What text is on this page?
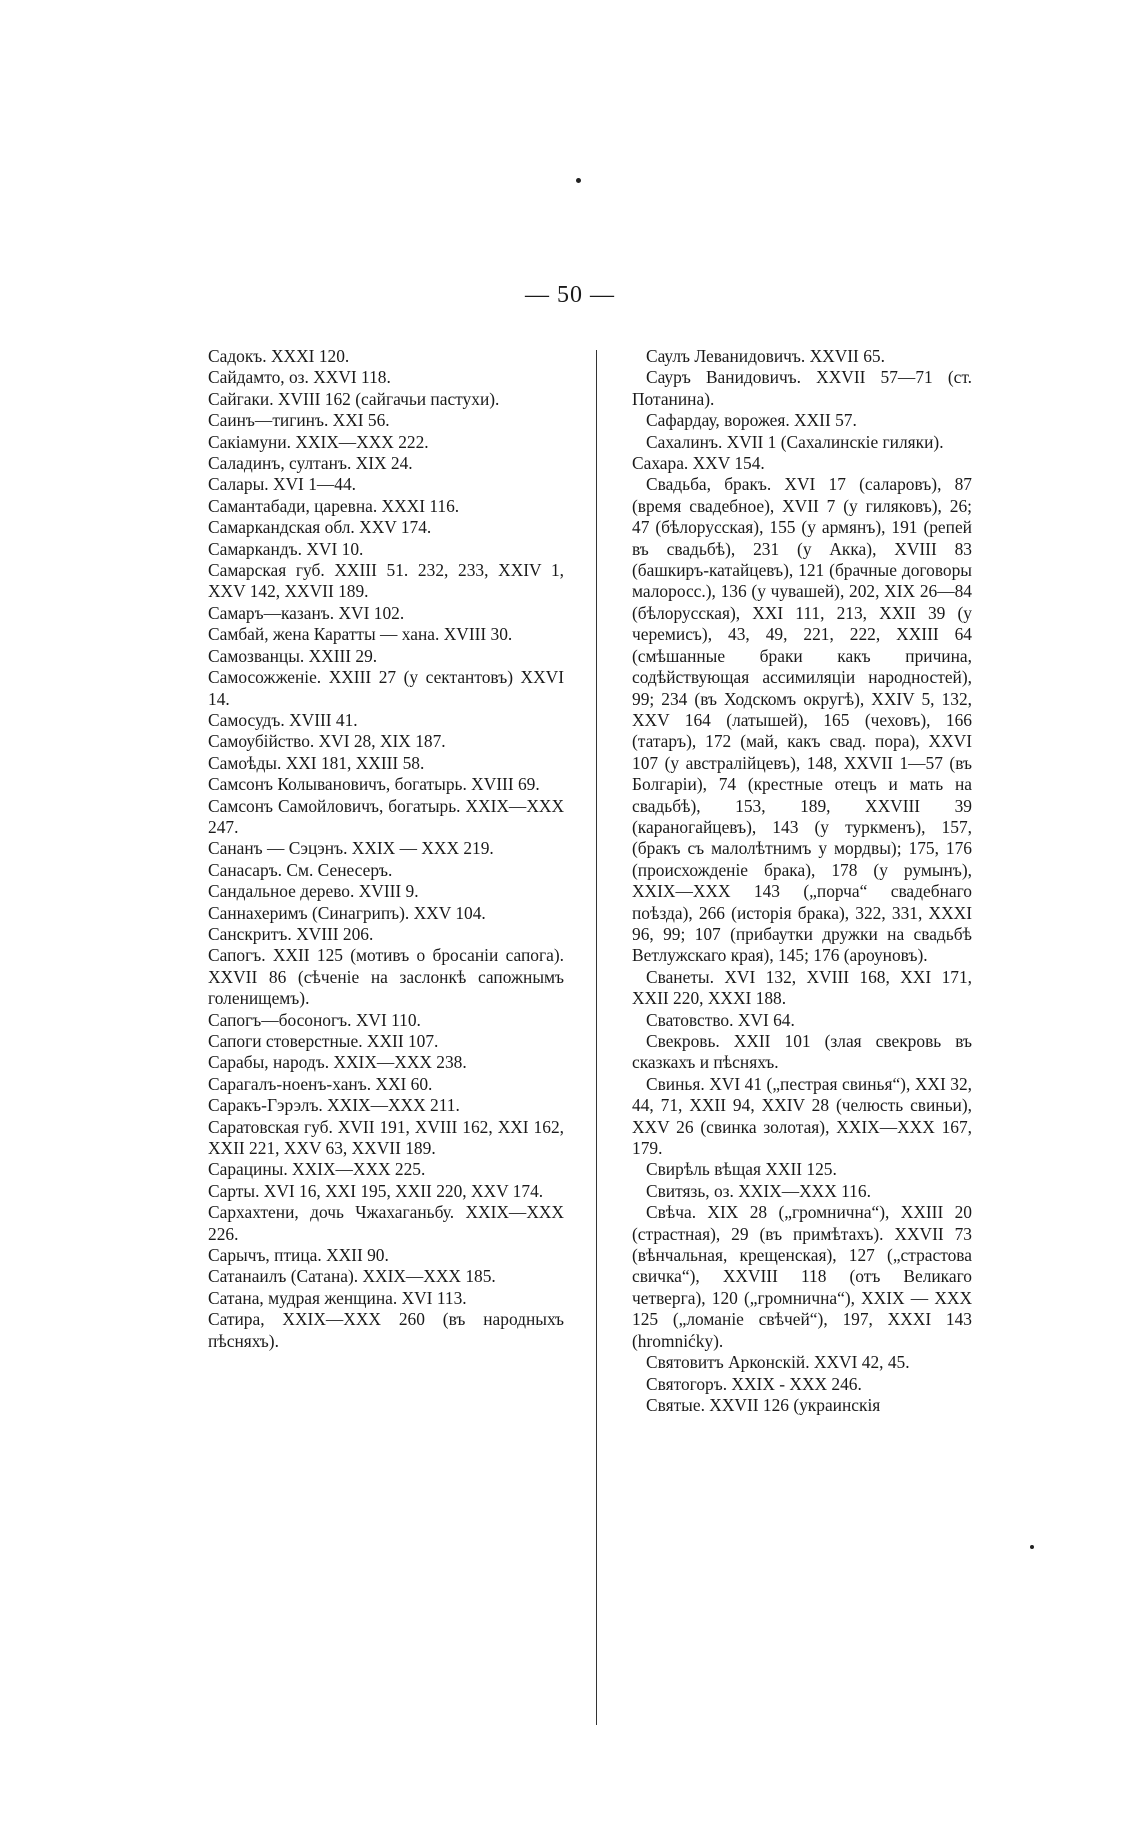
— 50 —

Садокъ. XXXI 120.

Сайдамто, оз. XXVI 118.

Сайгаки. XVIII 162 (сайгачьи пастухи).

Саинъ—тигинъ. XXI 56.

Сакіамуни. XXIX—XXX 222.

Саладинъ, султанъ. XIX 24.

Салары. XVI 1—44.

Самантабади, царевна. XXXI 116.

Самаркандская обл. XXV 174.

Самаркандъ. XVI 10.

Самарская губ. XXIII 51. 232, 233, XXIV 1, XXV 142, XXVII 189.

Самаръ—казанъ. XVI 102.

Самбай, жена Каратты — хана. XVIII 30.

Самозванцы. XXIII 29.

Самосожженіе. XXIII 27 (у сектантовъ) XXVI 14.

Самосудъ. XVIII 41.

Самоубійство. XVI 28, XIX 187.

Самоѣды. XXI 181, XXIII 58.

Самсонъ Колывановичъ, богатырь. XVIII 69.

Самсонъ Самойловичъ, богатырь. XXIX—XXX 247.

Сананъ — Сэцэнъ. XXIX — XXX 219.

Санасаръ. См. Сенесеръ.

Сандальное дерево. XVIII 9.

Саннахеримъ (Синагрипъ). XXV 104.

Санскритъ. XVIII 206.

Сапогъ. XXII 125 (мотивъ о бросаніи сапога). XXVII 86 (сѣченіе на заслонкѣ сапожнымъ голенищемъ).

Сапогъ—босоногъ. XVI 110.

Сапоги стоверстные. XXII 107.

Сарабы, народъ. XXIX—XXX 238.

Сарагалъ-ноенъ-ханъ. XXI 60.

Саракъ-Гэрэлъ. XXIX—XXX 211.

Саратовская губ. XVII 191, XVIII 162, XXI 162, XXII 221, XXV 63, XXVII 189.

Сарацины. XXIX—XXX 225.

Сарты. XVI 16, XXI 195, XXII 220, XXV 174.

Сархахтени, дочь Чжахаганьбу. XXIX—XXX 226.

Сарычъ, птица. XXII 90.

Сатанаилъ (Сатана). XXIX—XXX 185.

Сатана, мудрая женщина. XVI 113.

Сатира, XXIX—XXX 260 (въ народныхъ пѣсняхъ).

Саулъ Леванидовичъ. XXVII 65.

Сауръ Ванидовичъ. XXVII 57—71 (ст. Потанина).

Сафардау, ворожея. XXII 57.

Сахалинъ. XVII 1 (Сахалинскіе гиляки).

Сахара. XXV 154.

Свадьба, бракъ. XVI 17 (саларовъ), 87 (время свадебное), XVII 7 (у гиляковъ), 26; 47 (бѣлорусская), 155 (у армянъ), 191 (репей въ свадьбѣ), 231 (у Акка), XVIII 83 (башкиръ-катайцевъ), 121 (брачные договоры малоросс.), 136 (у чувашей), 202, XIX 26—84 (бѣлорусская), XXI 111, 213, XXII 39 (у черемисъ), 43, 49, 221, 222, XXIII 64 (смѣшанные браки какъ причина, содѣйствующая ассимиляціи народностей), 99; 234 (въ Ходскомъ округѣ), XXIV 5, 132, XXV 164 (латышей), 165 (чеховъ), 166 (татаръ), 172 (май, какъ свад. пора), XXVI 107 (у австралійцевъ), 148, XXVII 1—57 (въ Болгаріи), 74 (крестные отецъ и мать на свадьбѣ), 153, 189, XXVIII 39 (караногайцевъ), 143 (у туркменъ), 157, (бракъ съ малолѣтнимъ у мордвы); 175, 176 (происхожденіе брака), 178 (у румынъ), XXIX—XXX 143 („порча“ свадебнаго поѣзда), 266 (исторія брака), 322, 331, XXXI 96, 99; 107 (прибаутки дружки на свадьбѣ Ветлужскаго края), 145; 176 (ароуновъ).

Сванеты. XVI 132, XVIII 168, XXI 171, XXII 220, XXXI 188.

Сватовство. XVI 64.

Свекровь. XXII 101 (злая свекровь въ сказкахъ и пѣсняхъ.

Свинья. XVI 41 („пестрая свинья“), XXI 32, 44, 71, XXII 94, XXIV 28 (челюсть свиньи), XXV 26 (свинка золотая), XXIX—XXX 167, 179.

Свирѣль вѣщая XXII 125.

Свитязь, оз. XXIX—XXX 116.

Свѣча. XIX 28 („громнична“), XXIII 20 (страстная), 29 (въ примѣтахъ). XXVII 73 (вѣнчальная, крещенская), 127 („страстова свичка“), XXVIII 118 (отъ Великаго четверга), 120 („громнична“), XXIX — XXX 125 („ломаніе свѣчей“), 197, XXXI 143 (hromnićky).

Святовитъ Арконскій. XXVI 42, 45.

Святогоръ. XXIX - XXX 246.

Святые. XXVII 126 (украинскія
